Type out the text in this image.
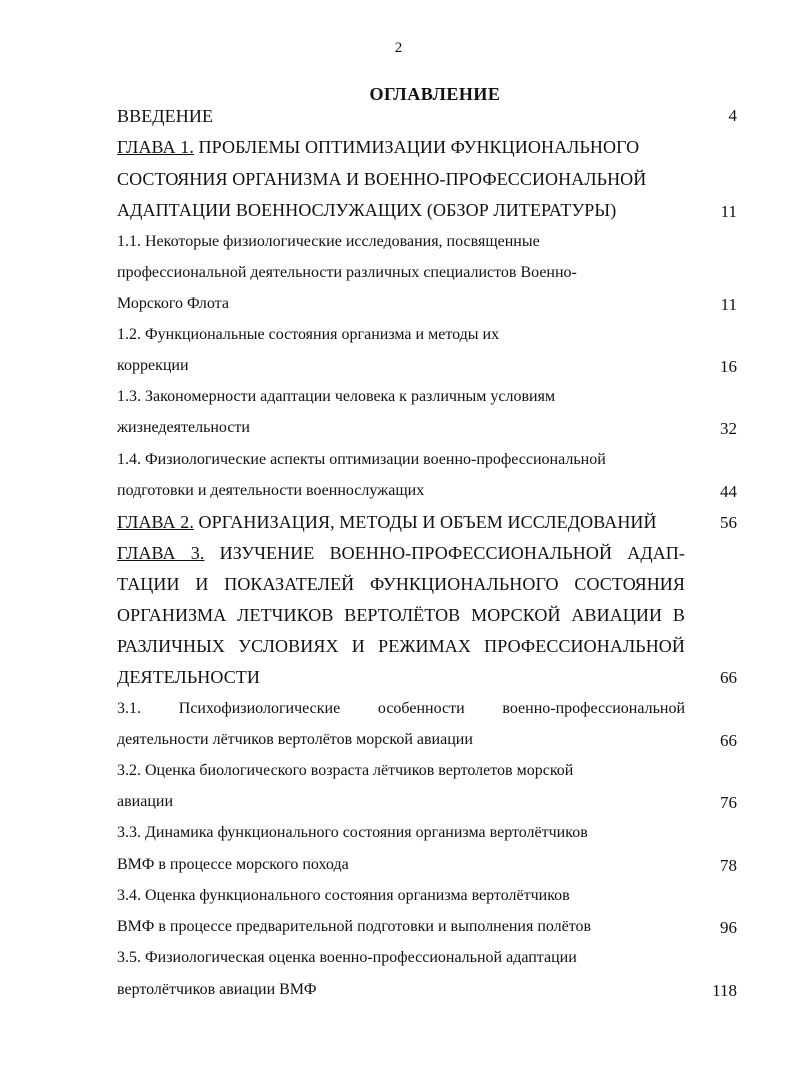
2
ОГЛАВЛЕНИЕ
ВВЕДЕНИЕ	4
ГЛАВА 1. ПРОБЛЕМЫ ОПТИМИЗАЦИИ ФУНКЦИОНАЛЬНОГО
СОСТОЯНИЯ ОРГАНИЗМА И ВОЕННО-ПРОФЕССИОНАЛЬНОЙ
АДАПТАЦИИ ВОЕННОСЛУЖАЩИХ (ОБЗОР ЛИТЕРАТУРЫ)	11
1.1. Некоторые физиологические исследования, посвященные
профессиональной деятельности различных специалистов Военно-
Морского Флота	11
1.2. Функциональные состояния организма и методы их
коррекции	16
1.3. Закономерности адаптации человека к различным условиям
жизнедеятельности	32
1.4. Физиологические аспекты оптимизации военно-профессиональной
подготовки и деятельности военнослужащих	44
ГЛАВА 2. ОРГАНИЗАЦИЯ, МЕТОДЫ И ОБЪЕМ ИССЛЕДОВАНИЙ	56
ГЛАВА 3. ИЗУЧЕНИЕ ВОЕННО-ПРОФЕССИОНАЛЬНОЙ АДАП-
ТАЦИИ И ПОКАЗАТЕЛЕЙ ФУНКЦИОНАЛЬНОГО СОСТОЯНИЯ
ОРГАНИЗМА ЛЕТЧИКОВ ВЕРТОЛЁТОВ МОРСКОЙ АВИАЦИИ В
РАЗЛИЧНЫХ УСЛОВИЯХ И РЕЖИМАХ ПРОФЕССИОНАЛЬНОЙ
ДЕЯТЕЛЬНОСТИ	66
3.1. Психофизиологические особенности военно-профессиональной
деятельности лётчиков вертолётов морской авиации	66
3.2. Оценка биологического возраста лётчиков вертолетов морской
авиации	76
3.3. Динамика функционального состояния организма вертолётчиков
ВМФ в процессе морского похода	78
3.4. Оценка функционального состояния организма вертолётчиков
ВМФ в процессе предварительной подготовки и выполнения полётов	96
3.5. Физиологическая оценка военно-профессиональной адаптации
вертолётчиков авиации ВМФ	118
